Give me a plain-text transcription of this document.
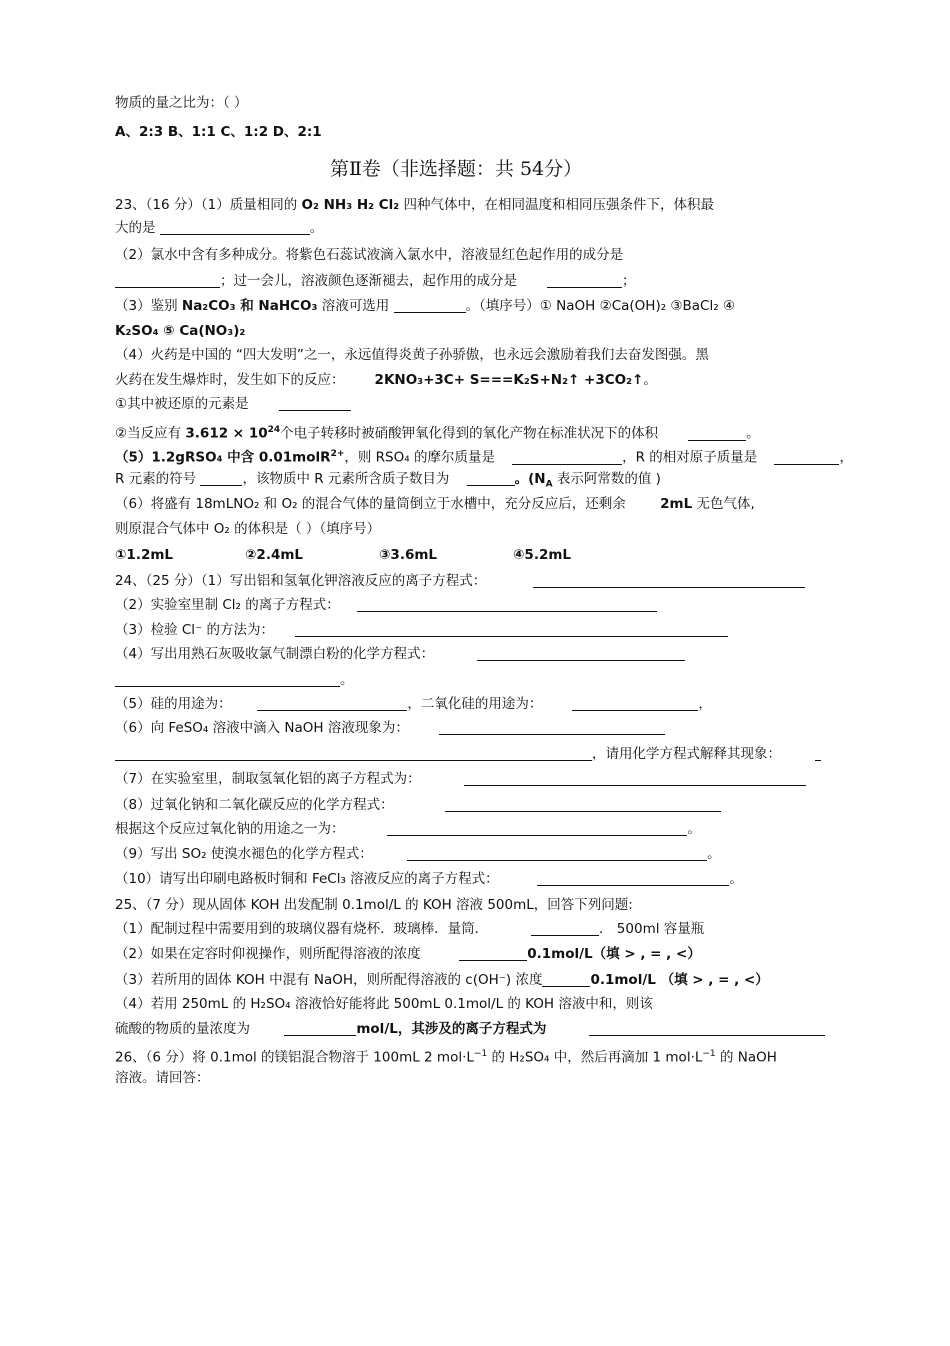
物质的量之比为：（ ）
A、2:3 B、1:1 C、1:2 D、2:1
第Ⅱ卷（非选择题：共 54分）
23、（16 分）（1）质量相同的 O₂ NH₃ H₂ Cl₂ 四种气体中，在相同温度和相同压强条件下，体积最
大的是	。
（2）氯水中含有多种成分。将紫色石蕊试液滴入氯水中，溶液显红色起作用的成分是
；过一会儿，溶液颜色逐渐褪去，起作用的成分是	；
（3）鉴别 Na₂CO₃ 和 NaHCO₃ 溶液可选用	。（填序号）① NaOH ②Ca(OH)₂ ③BaCl₂ ④
K₂SO₄ ⑤ Ca(NO₃)₂
（4）火药是中国的 “四大发明”之一，永远值得炎黄子孙骄傲，也永远会激励着我们去奋发图强。黑
火药在发生爆炸时，发生如下的反应： 2KNO₃+3C+ S===K₂S+N₂↑ +3CO₂↑。
①其中被还原的元素是
②当反应有 $3.612 \times 10^{24}$个电子转移时被硝酸钾氧化得到的氧化产物在标准状况下的体积	。
（5）1.2gRSO₄ 中含 0.01molR$^{2+}$，则 RSO₄ 的摩尔质量是	，R 的相对原子质量是	，
R 元素的符号	，该物质中 R 元素所含质子数目为	。($N_A$ 表示阿常数的值 )
（6）将盛有 18mLNO₂ 和 O₂ 的混合气体的量筒倒立于水槽中，充分反应后，还剩余	2mL 无色气体,
则原混合气体中 O₂ 的体积是（ ）（填序号）
①1.2mL	②2.4mL	③3.6mL	④5.2mL
24、（25 分）（1）写出铝和氢氧化钾溶液反应的离子方程式：
（2）实验室里制 Cl₂ 的离子方程式：
（3）检验 Cl⁻ 的方法为：
（4）写出用熟石灰吸收氯气制漂白粉的化学方程式：
。
（5）硅的用途为：	，二氧化硅的用途为：	，
（6）向 FeSO₄ 溶液中滴入 NaOH 溶液现象为：
，请用化学方程式解释其现象：
（7）在实验室里，制取氢氧化铝的离子方程式为：
（8）过氧化钠和二氧化碳反应的化学方程式：
根据这个反应过氧化钠的用途之一为：	。
（9）写出 SO₂ 使溴水褪色的化学方程式：	。
（10）请写出印刷电路板时铜和 FeCl₃ 溶液反应的离子方程式：	。
25、（7 分）现从固体 KOH 出发配制 0.1mol/L 的 KOH 溶液 500mL，回答下列问题:
（1）配制过程中需要用到的玻璃仪器有烧杯．玻璃棒．量筒．	． 500ml 容量瓶
（2）如果在定容时仰视操作，则所配得溶液的浓度	0.1mol/L（填 > , = , <）
（3）若所用的固体 KOH 中混有 NaOH，则所配得溶液的 c(OH⁻) 浓度	0.1mol/L （填 > , = , <）
（4）若用 250mL 的 H₂SO₄ 溶液恰好能将此 500mL 0.1mol/L 的 KOH 溶液中和，则该
硫酸的物质的量浓度为	mol/L，其涉及的离子方程式为
26、（6 分）将 0.1mol 的镁铝混合物溶于 100mL 2 $mol\cdot L^{-1}$ 的 H₂SO₄ 中，然后再滴加 1 $mol\cdot L^{-1}$ 的 NaOH
溶液。请回答：
